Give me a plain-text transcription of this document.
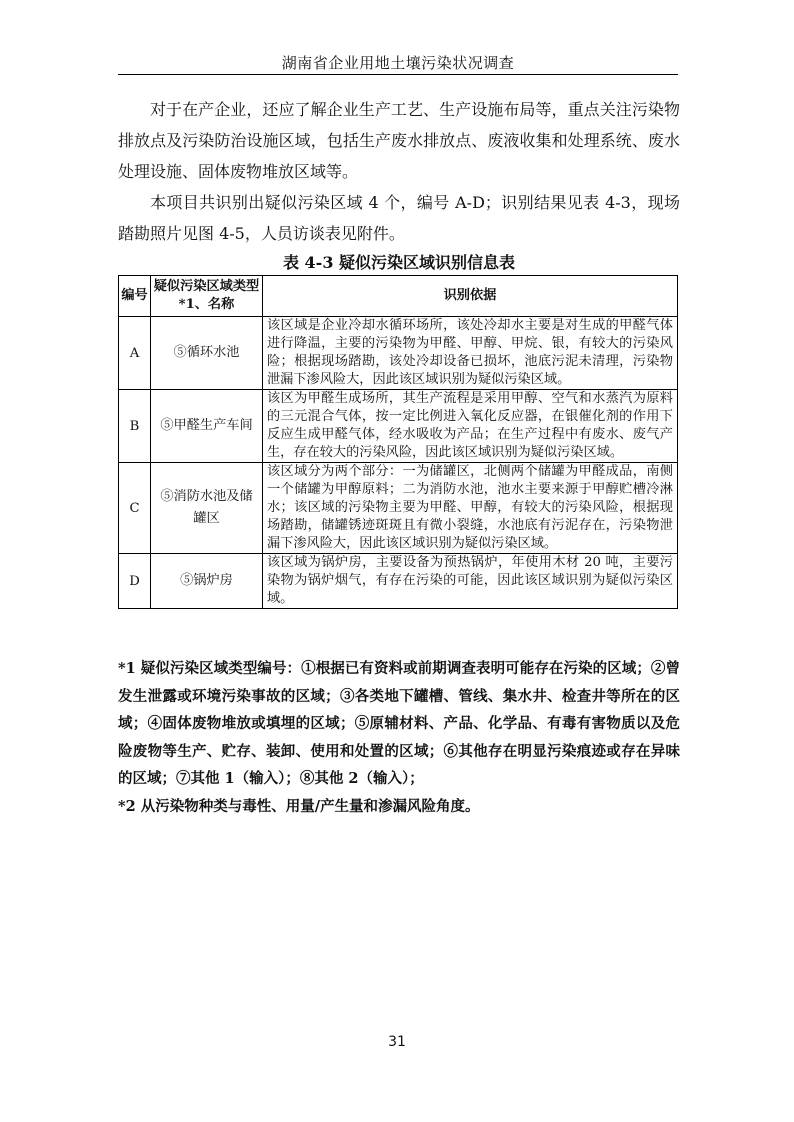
湖南省企业用地土壤污染状况调查

对于在产企业，还应了解企业生产工艺、生产设施布局等，重点关注污染物排放点及污染防治设施区域，包括生产废水排放点、废液收集和处理系统、废水处理设施、固体废物堆放区域等。

本项目共识别出疑似污染区域 4 个，编号 A-D；识别结果见表 4-3，现场踏勘照片见图 4-5，人员访谈表见附件。

表 4-3 疑似污染区域识别信息表
编号	疑似污染区域类型*1、名称	识别依据
A	⑤循环水池	该区域是企业冷却水循环场所，该处冷却水主要是对生成的甲醛气体进行降温，主要的污染物为甲醛、甲醇、甲烷、银，有较大的污染风险；根据现场踏勘，该处冷却设备已损坏，池底污泥未清理，污染物泄漏下渗风险大，因此该区域识别为疑似污染区域。
B	⑤甲醛生产车间	该区为甲醛生成场所，其生产流程是采用甲醇、空气和水蒸汽为原料的三元混合气体，按一定比例进入氧化反应器，在银催化剂的作用下反应生成甲醛气体，经水吸收为产品；在生产过程中有废水、废气产生，存在较大的污染风险，因此该区域识别为疑似污染区域。
C	⑤消防水池及储罐区	该区域分为两个部分：一为储罐区，北侧两个储罐为甲醛成品，南侧一个储罐为甲醇原料；二为消防水池，池水主要来源于甲醇贮槽冷淋水；该区域的污染物主要为甲醛、甲醇，有较大的污染风险，根据现场踏勘，储罐锈迹斑斑且有微小裂缝，水池底有污泥存在，污染物泄漏下渗风险大，因此该区域识别为疑似污染区域。
D	⑤锅炉房	该区域为锅炉房，主要设备为预热锅炉，年使用木材 20 吨，主要污染物为锅炉烟气，有存在污染的可能，因此该区域识别为疑似污染区域。

*1 疑似污染区域类型编号：①根据已有资料或前期调查表明可能存在污染的区域；②曾发生泄露或环境污染事故的区域；③各类地下罐槽、管线、集水井、检查井等所在的区域；④固体废物堆放或填埋的区域；⑤原辅材料、产品、化学品、有毒有害物质以及危险废物等生产、贮存、装卸、使用和处置的区域；⑥其他存在明显污染痕迹或存在异味的区域；⑦其他 1（输入）；⑧其他 2（输入）；

*2 从污染物种类与毒性、用量/产生量和渗漏风险角度。

31
